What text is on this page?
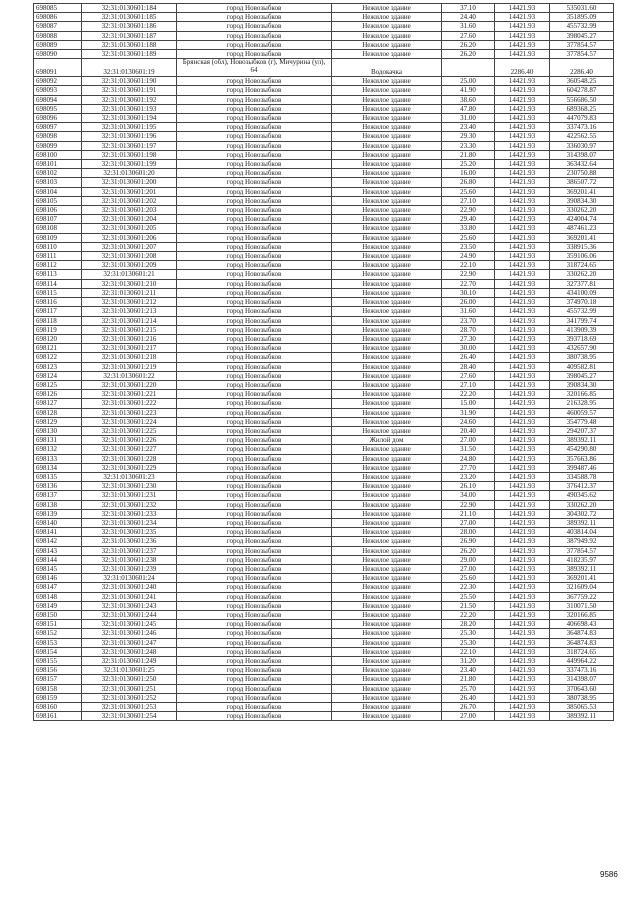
698085	32:31:0130601:184	город Новозыбков	Нежилое здание	37.10	14421.93	535031.60
698086	32:31:0130601:185	город Новозыбков	Нежилое здание	24.40	14421.93	351895.09
698087	32:31:0130601:186	город Новозыбков	Нежилое здание	31.60	14421.93	455732.99
698088	32:31:0130601:187	город Новозыбков	Нежилое здание	27.60	14421.93	398045.27
698089	32:31:0130601:188	город Новозыбков	Нежилое здание	26.20	14421.93	377854.57
698090	32:31:0130601:189	город Новозыбков	Нежилое здание	26.20	14421.93	377854.57
698091	32:31:0130601:19	Брянская (обл), Новозыбков (г), Мичурина (ул), 64	Водокачка		2286.40	2286.40
698092	32:31:0130601:190	город Новозыбков	Нежилое здание	25.00	14421.93	360548.25
698093	32:31:0130601:191	город Новозыбков	Нежилое здание	41.90	14421.93	604278.87
698094	32:31:0130601:192	город Новозыбков	Нежилое здание	38.60	14421.93	556686.50
698095	32:31:0130601:193	город Новозыбков	Нежилое здание	47.80	14421.93	689368.25
698096	32:31:0130601:194	город Новозыбков	Нежилое здание	31.00	14421.93	447079.83
698097	32:31:0130601:195	город Новозыбков	Нежилое здание	23.40	14421.93	337473.16
698098	32:31:0130601:196	город Новозыбков	Нежилое здание	29.30	14421.93	422562.55
698099	32:31:0130601:197	город Новозыбков	Нежилое здание	23.30	14421.93	336030.97
698100	32:31:0130601:198	город Новозыбков	Нежилое здание	21.80	14421.93	314398.07
698101	32:31:0130601:199	город Новозыбков	Нежилое здание	25.20	14421.93	363432.64
698102	32:31:0130601:20	город Новозыбков	Нежилое здание	16.00	14421.93	230750.88
698103	32:31:0130601:200	город Новозыбков	Нежилое здание	26.80	14421.93	386507.72
698104	32:31:0130601:201	город Новозыбков	Нежилое здание	25.60	14421.93	369201.41
698105	32:31:0130601:202	город Новозыбков	Нежилое здание	27.10	14421.93	390834.30
698106	32:31:0130601:203	город Новозыбков	Нежилое здание	22.90	14421.93	330262.20
698107	32:31:0130601:204	город Новозыбков	Нежилое здание	29.40	14421.93	424004.74
698108	32:31:0130601:205	город Новозыбков	Нежилое здание	33.80	14421.93	487461.23
698109	32:31:0130601:206	город Новозыбков	Нежилое здание	25.60	14421.93	369201.41
698110	32:31:0130601:207	город Новозыбков	Нежилое здание	23.50	14421.93	338915.36
698111	32:31:0130601:208	город Новозыбков	Нежилое здание	24.90	14421.93	359106.06
698112	32:31:0130601:209	город Новозыбков	Нежилое здание	22.10	14421.93	318724.65
698113	32:31:0130601:21	город Новозыбков	Нежилое здание	22.90	14421.93	330262.20
698114	32:31:0130601:210	город Новозыбков	Нежилое здание	22.70	14421.93	327377.81
698115	32:31:0130601:211	город Новозыбков	Нежилое здание	30.10	14421.93	434100.09
698116	32:31:0130601:212	город Новозыбков	Нежилое здание	26.00	14421.93	374970.18
698117	32:31:0130601:213	город Новозыбков	Нежилое здание	31.60	14421.93	455732.99
698118	32:31:0130601:214	город Новозыбков	Нежилое здание	23.70	14421.93	341799.74
698119	32:31:0130601:215	город Новозыбков	Нежилое здание	28.70	14421.93	413909.39
698120	32:31:0130601:216	город Новозыбков	Нежилое здание	27.30	14421.93	393718.69
698121	32:31:0130601:217	город Новозыбков	Нежилое здание	30.00	14421.93	432657.90
698122	32:31:0130601:218	город Новозыбков	Нежилое здание	26.40	14421.93	380738.95
698123	32:31:0130601:219	город Новозыбков	Нежилое здание	28.40	14421.93	409582.81
698124	32:31:0130601:22	город Новозыбков	Нежилое здание	27.60	14421.93	398045.27
698125	32:31:0130601:220	город Новозыбков	Нежилое здание	27.10	14421.93	390834.30
698126	32:31:0130601:221	город Новозыбков	Нежилое здание	22.20	14421.93	320166.85
698127	32:31:0130601:222	город Новозыбков	Нежилое здание	15.00	14421.93	216328.95
698128	32:31:0130601:223	город Новозыбков	Нежилое здание	31.90	14421.93	460059.57
698129	32:31:0130601:224	город Новозыбков	Нежилое здание	24.60	14421.93	354779.48
698130	32:31:0130601:225	город Новозыбков	Нежилое здание	20.40	14421.93	294207.37
698131	32:31:0130601:226	город Новозыбков	Жилой дом	27.00	14421.93	389392.11
698132	32:31:0130601:227	город Новозыбков	Нежилое здание	31.50	14421.93	454290.80
698133	32:31:0130601:228	город Новозыбков	Нежилое здание	24.80	14421.93	357663.86
698134	32:31:0130601:229	город Новозыбков	Нежилое здание	27.70	14421.93	399487.46
698135	32:31:0130601:23	город Новозыбков	Нежилое здание	23.20	14421.93	334588.78
698136	32:31:0130601:230	город Новозыбков	Нежилое здание	26.10	14421.93	376412.37
698137	32:31:0130601:231	город Новозыбков	Нежилое здание	34.00	14421.93	490345.62
698138	32:31:0130601:232	город Новозыбков	Нежилое здание	22.90	14421.93	330262.20
698139	32:31:0130601:233	город Новозыбков	Нежилое здание	21.10	14421.93	304302.72
698140	32:31:0130601:234	город Новозыбков	Нежилое здание	27.00	14421.93	389392.11
698141	32:31:0130601:235	город Новозыбков	Нежилое здание	28.00	14421.93	403814.04
698142	32:31:0130601:236	город Новозыбков	Нежилое здание	26.90	14421.93	387949.92
698143	32:31:0130601:237	город Новозыбков	Нежилое здание	26.20	14421.93	377854.57
698144	32:31:0130601:238	город Новозыбков	Нежилое здание	29.00	14421.93	418235.97
698145	32:31:0130601:239	город Новозыбков	Нежилое здание	27.00	14421.93	389392.11
698146	32:31:0130601:24	город Новозыбков	Нежилое здание	25.60	14421.93	369201.41
698147	32:31:0130601:240	город Новозыбков	Нежилое здание	22.30	14421.93	321609.04
698148	32:31:0130601:241	город Новозыбков	Нежилое здание	25.50	14421.93	367759.22
698149	32:31:0130601:243	город Новозыбков	Нежилое здание	21.50	14421.93	310071.50
698150	32:31:0130601:244	город Новозыбков	Нежилое здание	22.20	14421.93	320166.85
698151	32:31:0130601:245	город Новозыбков	Нежилое здание	28.20	14421.93	406698.43
698152	32:31:0130601:246	город Новозыбков	Нежилое здание	25.30	14421.93	364874.83
698153	32:31:0130601:247	город Новозыбков	Нежилое здание	25.30	14421.93	364874.83
698154	32:31:0130601:248	город Новозыбков	Нежилое здание	22.10	14421.93	318724.65
698155	32:31:0130601:249	город Новозыбков	Нежилое здание	31.20	14421.93	449964.22
698156	32:31:0130601:25	город Новозыбков	Нежилое здание	23.40	14421.93	337473.16
698157	32:31:0130601:250	город Новозыбков	Нежилое здание	21.80	14421.93	314398.07
698158	32:31:0130601:251	город Новозыбков	Нежилое здание	25.70	14421.93	370643.60
698159	32:31:0130601:252	город Новозыбков	Нежилое здание	26.40	14421.93	380738.95
698160	32:31:0130601:253	город Новозыбков	Нежилое здание	26.70	14421.93	385065.53
698161	32:31:0130601:254	город Новозыбков	Нежилое здание	27.00	14421.93	389392.11
9586
